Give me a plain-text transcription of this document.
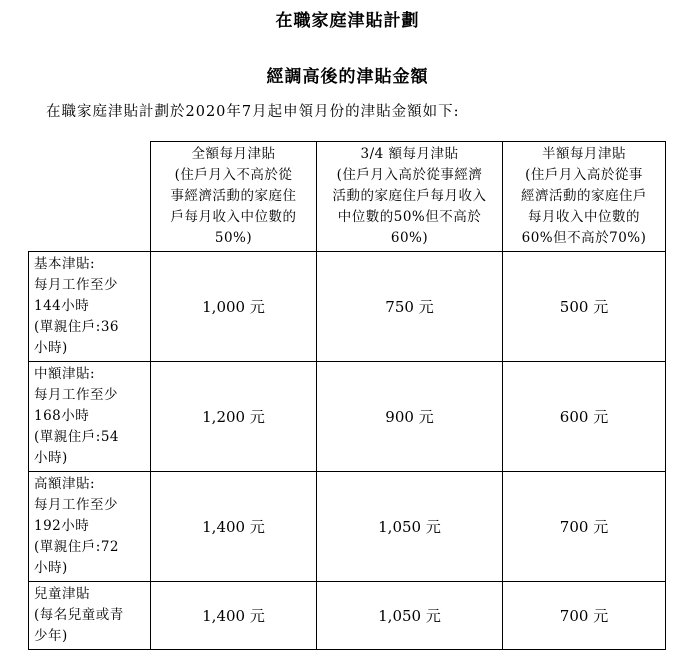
在職家庭津貼計劃
經調高後的津貼金額
在職家庭津貼計劃於2020年7月起申領月份的津貼金額如下:

	全額每月津貼
(住戶月入不高於從
事經濟活動的家庭住
戶每月收入中位數的
50%)	3/4 額每月津貼
(住戶月入高於從事經濟
活動的家庭住戶每月收入
中位數的50%但不高於
60%)	半額每月津貼
(住戶月入高於從事
經濟活動的家庭住戶
每月收入中位數的
60%但不高於70%)

基本津貼:
每月工作至少
144小時
(單親住戶:36
小時)	1,000 元	750 元	500 元

中額津貼:
每月工作至少
168小時
(單親住戶:54
小時)	1,200 元	900 元	600 元

高額津貼:
每月工作至少
192小時
(單親住戶:72
小時)	1,400 元	1,050 元	700 元

兒童津貼
(每名兒童或青
少年)	1,400 元	1,050 元	700 元
